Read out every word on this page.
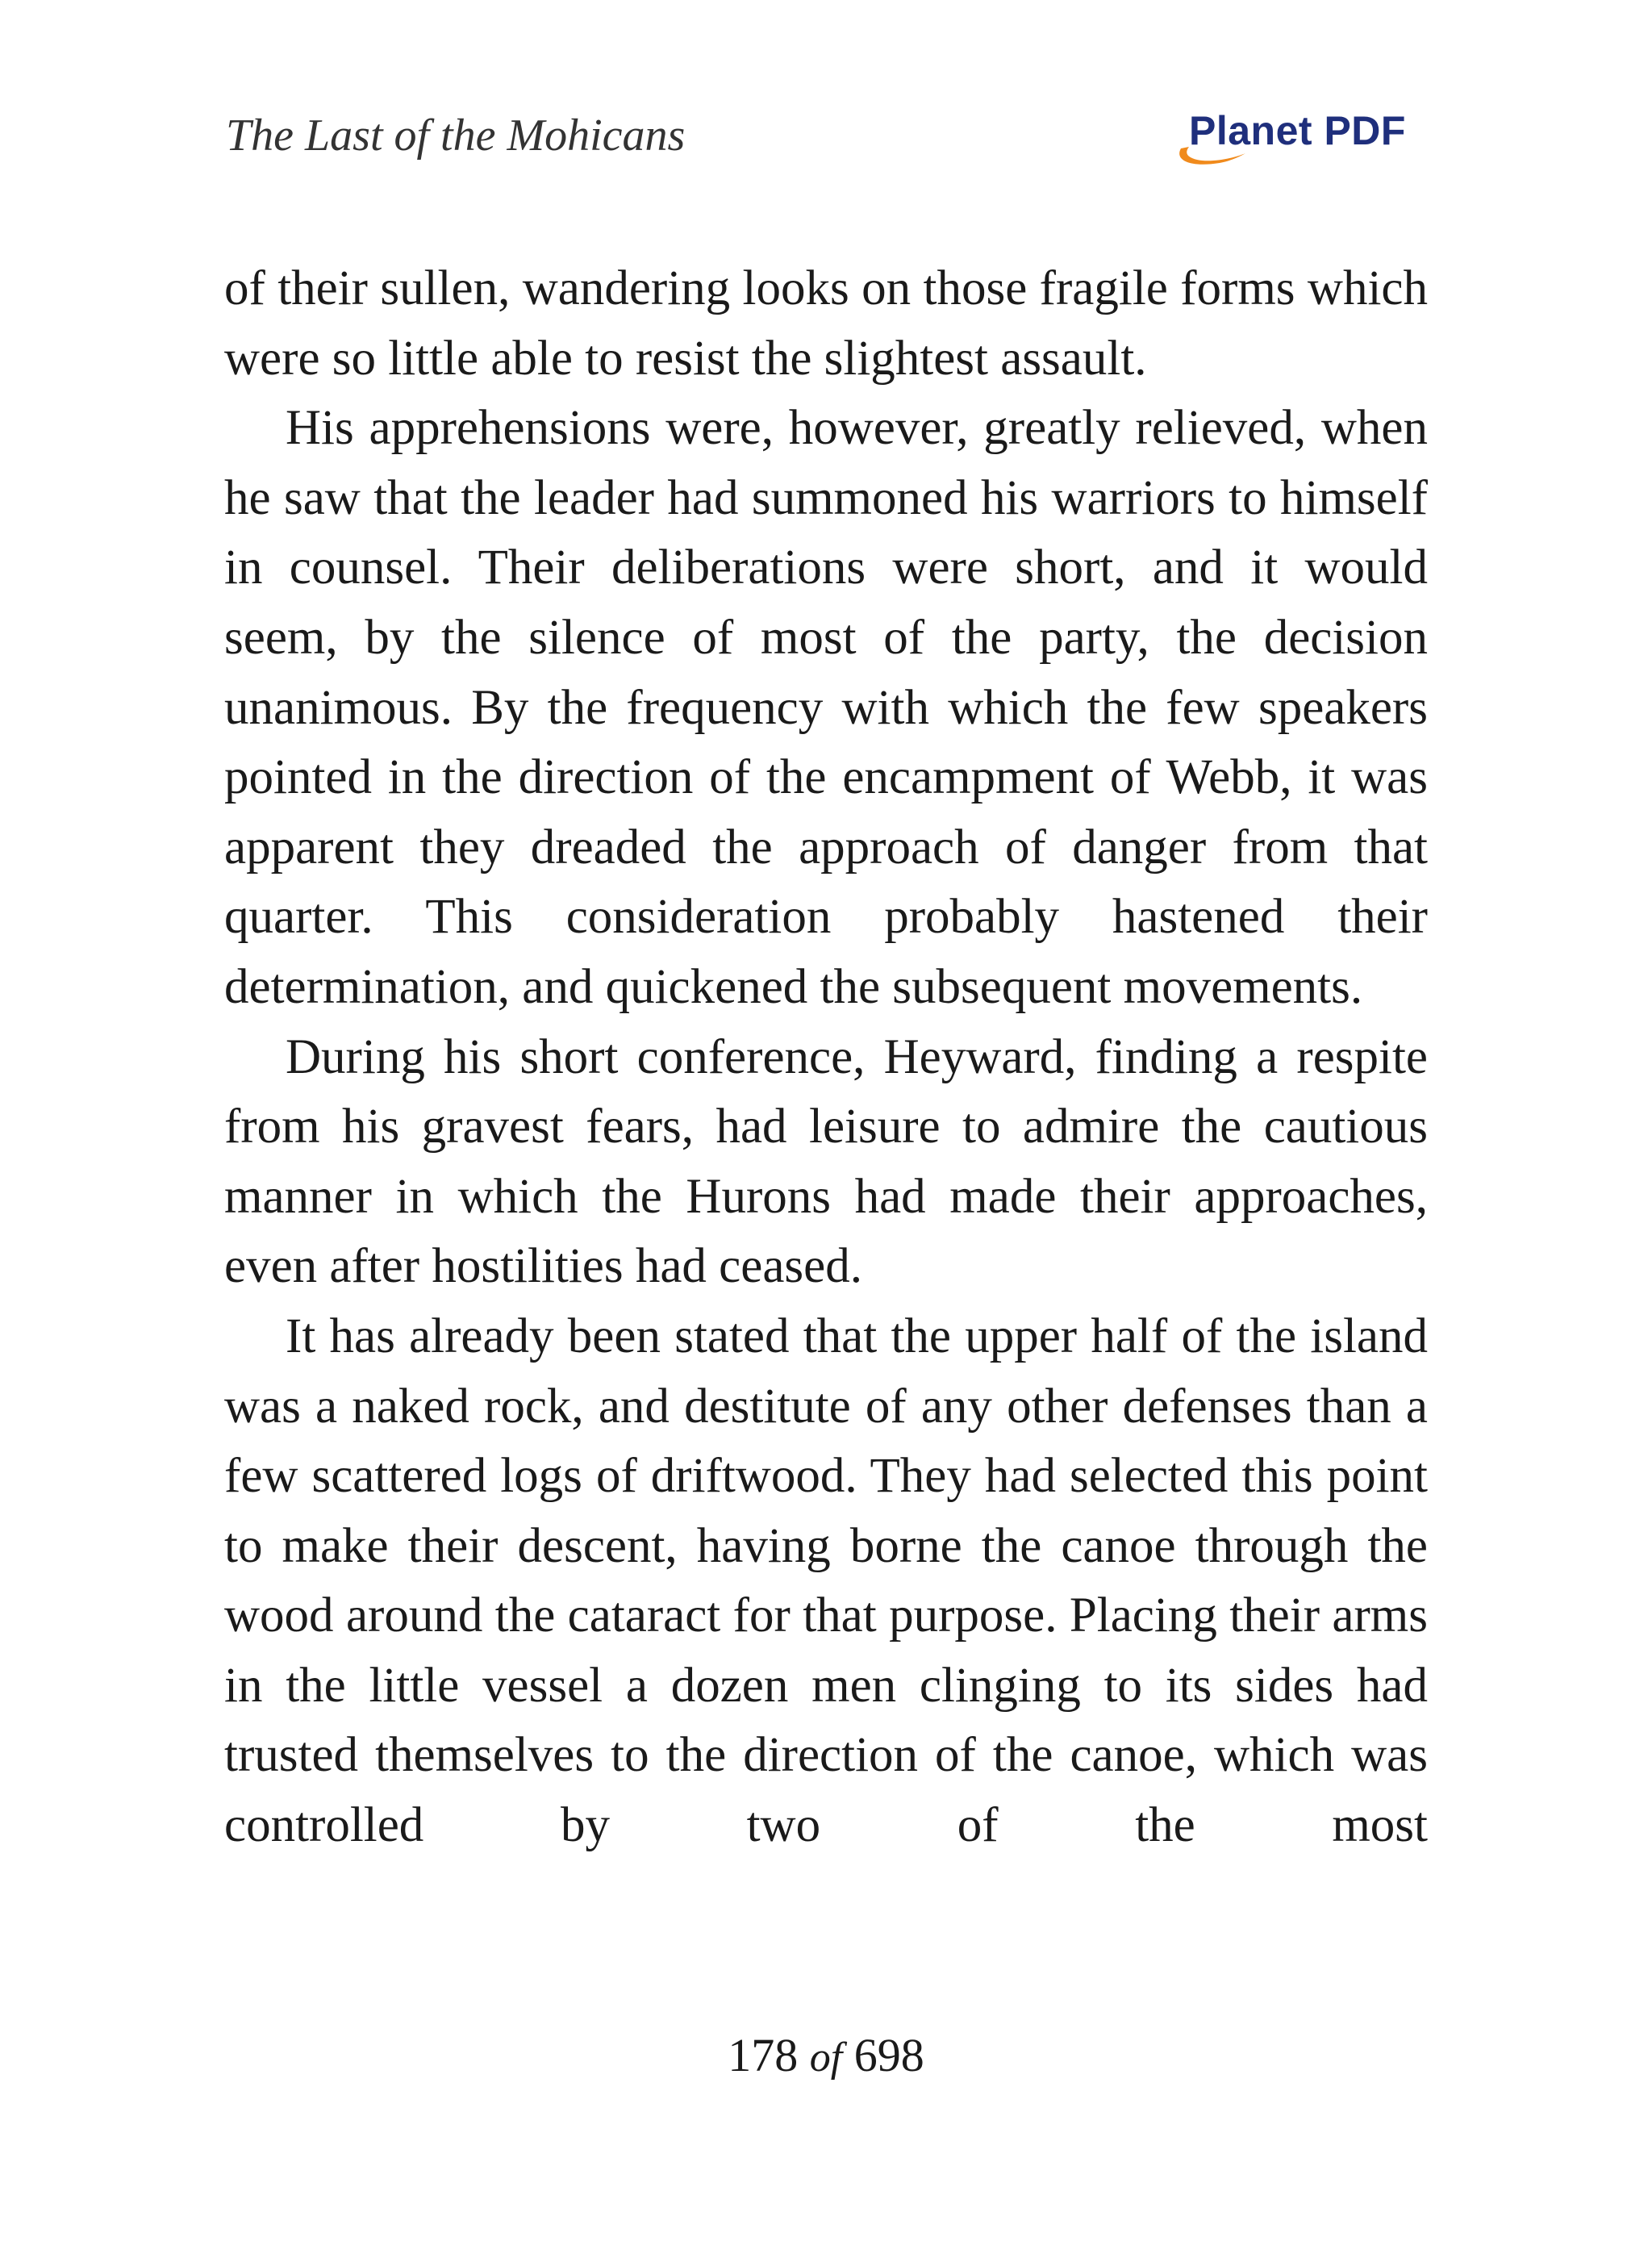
The Last of the Mohicans	Planet PDF

of their sullen, wandering looks on those fragile forms which were so little able to resist the slightest assault.

His apprehensions were, however, greatly relieved, when he saw that the leader had summoned his warriors to himself in counsel. Their deliberations were short, and it would seem, by the silence of most of the party, the decision unanimous. By the frequency with which the few speakers pointed in the direction of the encampment of Webb, it was apparent they dreaded the approach of danger from that quarter. This consideration probably hastened their determination, and quickened the subsequent movements.

During his short conference, Heyward, finding a respite from his gravest fears, had leisure to admire the cautious manner in which the Hurons had made their approaches, even after hostilities had ceased.

It has already been stated that the upper half of the island was a naked rock, and destitute of any other defenses than a few scattered logs of driftwood. They had selected this point to make their descent, having borne the canoe through the wood around the cataract for that purpose. Placing their arms in the little vessel a dozen men clinging to its sides had trusted themselves to the direction of the canoe, which was controlled by two of the most

178 of 698
